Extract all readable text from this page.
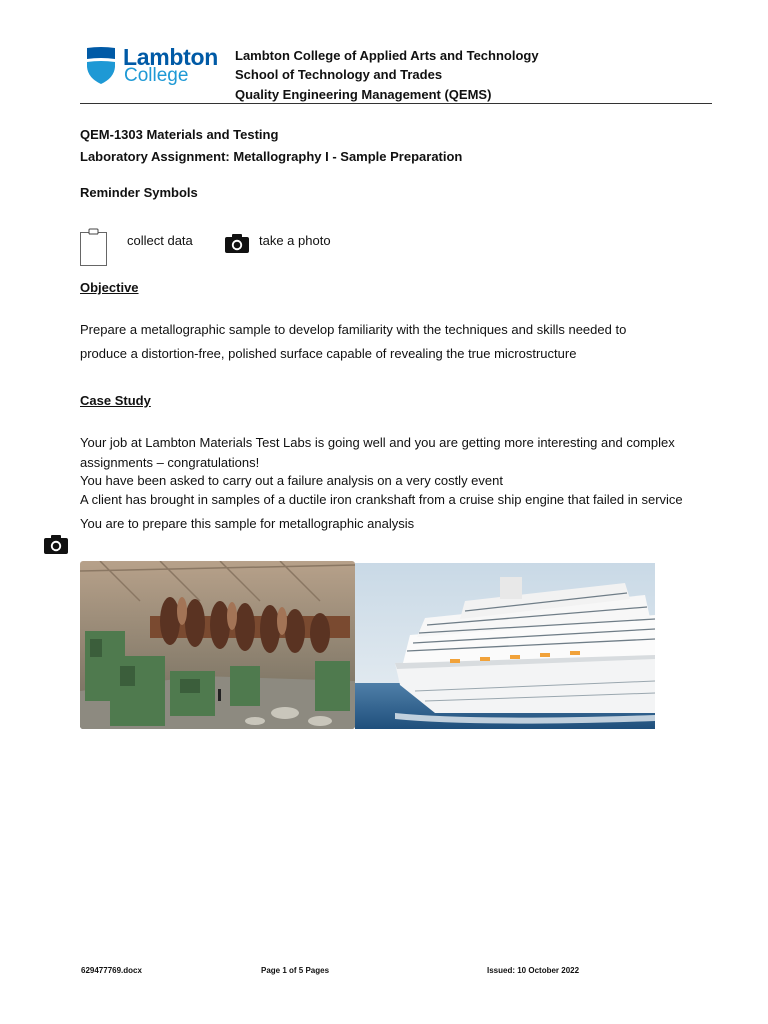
Lambton
College
Lambton College of Applied Arts and Technology
School of Technology and Trades
Quality Engineering Management (QEMS)
QEM-1303 Materials and Testing
Laboratory Assignment: Metallography I - Sample Preparation
Reminder Symbols
collect data	take a photo
Objective
Prepare a metallographic sample to develop familiarity with the techniques and skills needed to
produce a distortion-free, polished surface capable of revealing the true microstructure
Case Study
Your job at Lambton Materials Test Labs is going well and you are getting more interesting and complex
assignments – congratulations!
You have been asked to carry out a failure analysis on a very costly event
A client has brought in samples of a ductile iron crankshaft from a cruise ship engine that failed in service
You are to prepare this sample for metallographic analysis
629477769.docx	Page 1 of 5 Pages	Issued: 10 October 2022
